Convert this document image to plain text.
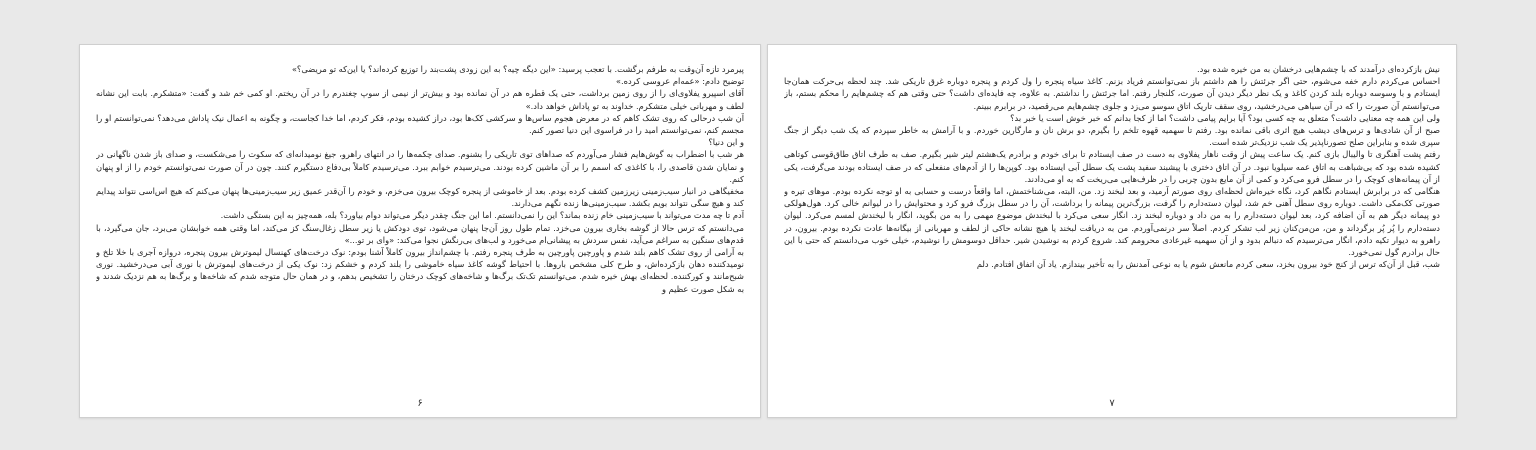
پیرمرد تازه آن‌وقت به طرفم برگشت. با تعجب پرسید: «این دیگه چیه؟ به این زودی پشت‌بند را توزیع کرده‌اند؟ یا این‌که تو مریضی؟»

توضیح دادم: «عمه‌ام عروسی کرده.»

آقای اسپیرو یفلاوی‌ای را از روی زمین برداشت، حتی یک قطره هم در آن نمانده بود و بیش‌تر از نیمی از سوپ چغندرم را در آن ریختم. او کمی خم شد و گفت: «متشکرم. بابت این نشانه لطف و مهربانی خیلی متشکرم. خداوند به تو پاداش خواهد داد.»

آن شب درحالی که روی تشک کاهم که در معرض هجوم ساس‌ها و سرکشی کک‌ها بود، دراز کشیده بودم، فکر کردم، اما خدا کجاست، و چگونه به اعمال نیک پاداش می‌دهد؟ نمی‌توانستم او را مجسم کنم، نمی‌توانستم امید را در فراسوی این دنیا تصور کنم.

و این دنیا؟

هر شب با اضطراب به گوش‌هایم فشار می‌آوردم که صداهای توی تاریکی را بشنوم. صدای چکمه‌ها را در انتهای راهرو، جیغ نومیدانه‌ای که سکوت را می‌شکست، و صدای باز شدن ناگهانی در و نمایان شدن قاصدی را، با کاغذی که اسمم را بر آن ماشین کرده بودند. می‌ترسیدم خوابم ببرد. می‌ترسیدم کاملاً بی‌دفاع دستگیرم کنند. چون در آن صورت نمی‌توانستم خودم را از او پنهان کنم.

مخفیگاهی در انبار سیب‌زمینی زیرزمین کشف کرده بودم. بعد از خاموشی از پنجره کوچک بیرون می‌خزم، و خودم را آن‌قدر عمیق زیر سیب‌زمینی‌ها پنهان می‌کنم که هیچ اس‌اسی نتواند پیدایم کند و هیچ سگی نتواند بویم بکشد. سیب‌زمینی‌ها زنده نگهم می‌دارند.

آدم تا چه مدت می‌تواند با سیب‌زمینی خام زنده بماند؟ این را نمی‌دانستم. اما این جنگ چقدر دیگر می‌تواند دوام بیاورد؟ بله، همه‌چیز به این بستگی داشت.

می‌دانستم که ترس حالا از گوشه بخاری بیرون می‌خزد. تمام طول روز آن‌جا پنهان می‌شود، توی دودکش یا زیر سطل زغال‌سنگ کز می‌کند، اما وقتی همه خوابشان می‌برد، جان می‌گیرد، با قدم‌های سنگین به سراغم می‌آید، نفس سردش به پیشانی‌ام می‌خورد و لب‌های بی‌رنگش نجوا می‌کند: «وای بر تو...»

به آرامی از روی تشک کاهم بلند شدم و پاورچین پاورچین به طرف پنجره رفتم. با چشم‌انداز بیرون کاملاً آشنا بودم: نوک درخت‌های کهنسال لیموترش بیرون پنجره، دروازه آجری با خلا تلخ و نومیدکننده دهان بازکرده‌اش، و طرح کلی مشخص باروها. با احتیاط گوشه کاغذ سیاه خاموشی را بلند کردم و خشکم زد: نوک یکی از درخت‌های لیموترش با نوری آبی می‌درخشید. نوری شبح‌مانند و کورکننده. لحظه‌ای بهش خیره شدم. می‌توانستم تک‌تک برگ‌ها و شاخه‌های کوچک درختان را تشخیص بدهم، و در همان حال متوجه شدم که شاخه‌ها و برگ‌ها به هم نزدیک شدند و به شکل صورت عظیم و

۶

نیش بازکرده‌ای درآمدند که با چشم‌هایی درخشان به من خیره شده بود.

احساس می‌کردم دارم خفه می‌شوم، حتی اگر جرئتش را هم داشتم باز نمی‌توانستم فریاد بزنم. کاغذ سیاه پنجره را ول کردم و پنجره دوباره غرق تاریکی شد. چند لحظه بی‌حرکت همان‌جا ایستادم و با وسوسه دوباره بلند کردن کاغذ و یک نظر دیگر دیدن آن صورت، کلنجار رفتم. اما جرئتش را نداشتم. به علاوه، چه فایده‌ای داشت؟ حتی وقتی هم که چشم‌هایم را محکم بستم، باز می‌توانستم آن صورت را که در آن سیاهی می‌درخشید، روی سقف تاریک اتاق سوسو می‌زد و جلوی چشم‌هایم می‌رقصید، در برابرم ببینم.

ولی این همه چه معنایی داشت؟ متعلق به چه کسی بود؟ آیا برایم پیامی داشت؟ اما از کجا بدانم که خبر خوش است یا خبر بد؟

صبح از آن شادی‌ها و ترس‌های دیشب هیچ اثری باقی نمانده بود. رفتم تا سهمیه قهوه تلخم را بگیرم، دو برش نان و مارگارین خوردم. و با آرامش به خاطر سپردم که یک شب دیگر از جنگ سپری شده و بنابراین صلح تصورناپذیر یک شب نزدیک‌تر شده است.

رفتم پشت آهنگری تا والیبال بازی کنم. یک ساعت پیش از وقت ناهار یفلاوی به دست در صف ایستادم تا برای خودم و برادرم یک‌هشتم لیتر شیر بگیرم. صف به طرف اتاق طاق‌قوسی کوتاهی کشیده شده بود که بی‌شباهت به اتاق عمه سیلویا نبود. در آن اتاق دختری با پیشبند سفید پشت یک سطل آبی ایستاده بود. کوپن‌ها را از آدم‌های منفعلی که در صف ایستاده بودند می‌گرفت، یکی از آن پیمانه‌های کوچک را در سطل فرو می‌کرد و کمی از آن مایع بدون چربی را در ظرف‌هایی می‌ریخت که به او می‌دادند.

هنگامی که در برابرش ایستادم نگاهم کرد، نگاه خیره‌اش لحظه‌ای روی صورتم آرمید، و بعد لبخند زد. من، البته، می‌شناختمش، اما واقعاً درست و حسابی به او توجه نکرده بودم. موهای تیره و صورتی کک‌مکی داشت. دوباره روی سطل آهنی خم شد، لیوان دسته‌دارم را گرفت، بزرگ‌ترین پیمانه را برداشت، آن را در سطل بزرگ فرو کرد و محتوایش را در لیوانم خالی کرد. هول‌هولکی دو پیمانه دیگر هم به آن اضافه کرد، بعد لیوان دسته‌دارم را به من داد و دوباره لبخند زد. انگار سعی می‌کرد با لبخندش موضوع مهمی را به من بگوید، انگار با لبخندش لمسم می‌کرد. لیوان دسته‌دارم را پُر پُر برگرداند و من، من‌من‌کنان زیر لب تشکر کردم. اصلاً سر درنمی‌آوردم. من به دریافت لبخند یا هیچ نشانه حاکی از لطف و مهربانی از بیگانه‌ها عادت نکرده بودم. بیرون، در راهرو به دیوار تکیه دادم، انگار می‌ترسیدم که دنبالم بدود و از آن سهمیه غیرعادی محرومم کند. شروع کردم به نوشیدن شیر. حداقل دوسومش را نوشیدم، خیلی خوب می‌دانستم که حتی با این حال برادرم گول نمی‌خورد.

شب، قبل از آن‌که ترس از کنج خود بیرون بخزد، سعی کردم مانعش شوم یا به نوعی آمدنش را به تأخیر بیندازم. یاد آن اتفاق افتادم. دلم

۷
